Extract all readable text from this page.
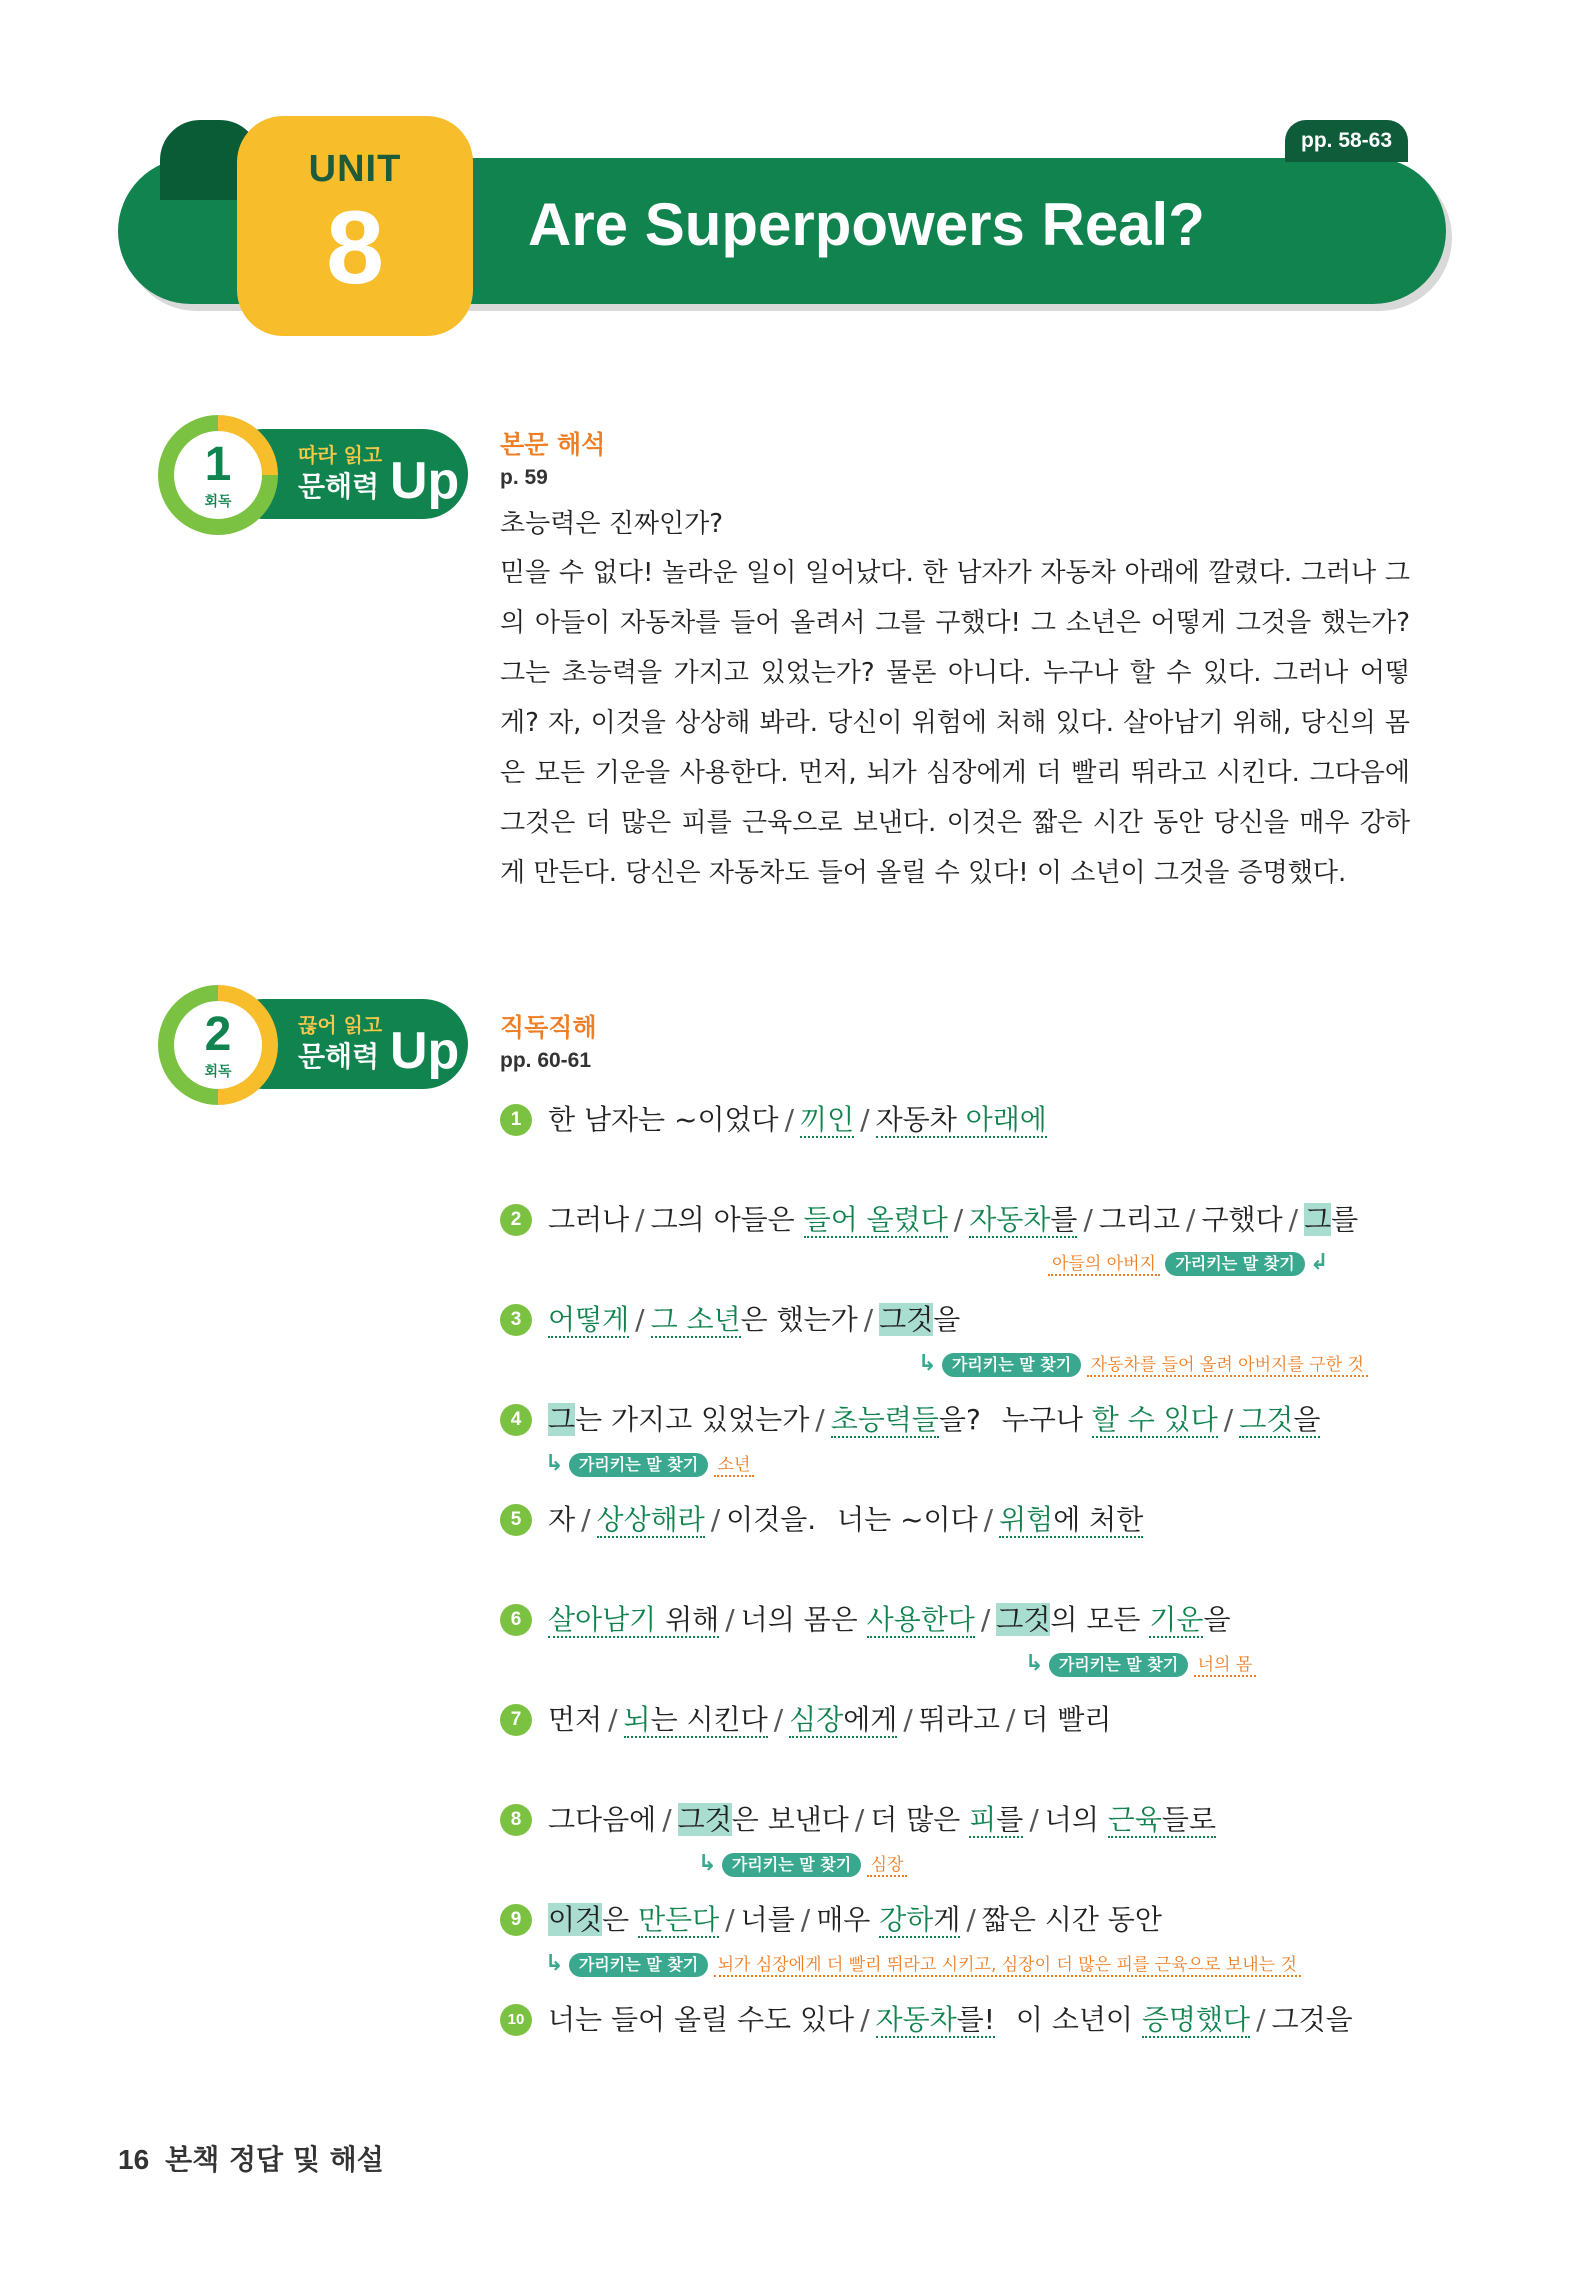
pp. 58-63
UNIT
8	Are Superpowers Real?
1
회독
따라 읽고
문해력 Up
본문 해석
p. 59
초능력은 진짜인가?
믿을 수 없다! 놀라운 일이 일어났다. 한 남자가 자동차 아래에 깔렸다. 그러나 그의 아들이 자동차를 들어 올려서 그를 구했다! 그 소년은 어떻게 그것을 했는가? 그는 초능력을 가지고 있었는가? 물론 아니다. 누구나 할 수 있다. 그러나 어떻게? 자, 이것을 상상해 봐라. 당신이 위험에 처해 있다. 살아남기 위해, 당신의 몸은 모든 기운을 사용한다. 먼저, 뇌가 심장에게 더 빨리 뛰라고 시킨다. 그다음에 그것은 더 많은 피를 근육으로 보낸다. 이것은 짧은 시간 동안 당신을 매우 강하게 만든다. 당신은 자동차도 들어 올릴 수 있다! 이 소년이 그것을 증명했다.
2
회독
끊어 읽고
문해력 Up 직독직해
pp. 60-61
1 한 남자는 ~이었다 / 끼인 / 자동차 아래에
2 그러나 / 그의 아들은 들어 올렸다 / 자동차를 / 그리고 / 구했다 / 그를
아들의 아버지 가리키는 말 찾기 ↲
3 어떻게 / 그 소년은 했는가 / 그것을
↳ 가리키는 말 찾기 자동차를 들어 올려 아버지를 구한 것
4 그는 가지고 있었는가 / 초능력들을? 누구나 할 수 있다 / 그것을
↳ 가리키는 말 찾기 소년
5 자 / 상상해라 / 이것을. 너는 ~이다 / 위험에 처한
6 살아남기 위해 / 너의 몸은 사용한다 / 그것의 모든 기운을
↳ 가리키는 말 찾기 너의 몸
7 먼저 / 뇌는 시킨다 / 심장에게 / 뛰라고 / 더 빨리
8 그다음에 / 그것은 보낸다 / 더 많은 피를 / 너의 근육들로
↳ 가리키는 말 찾기 심장
9 이것은 만든다 / 너를 / 매우 강하게 / 짧은 시간 동안
↳ 가리키는 말 찾기 뇌가 심장에게 더 빨리 뛰라고 시키고, 심장이 더 많은 피를 근육으로 보내는 것
10 너는 들어 올릴 수도 있다 / 자동차를! 이 소년이 증명했다 / 그것을
16 본책 정답 및 해설
